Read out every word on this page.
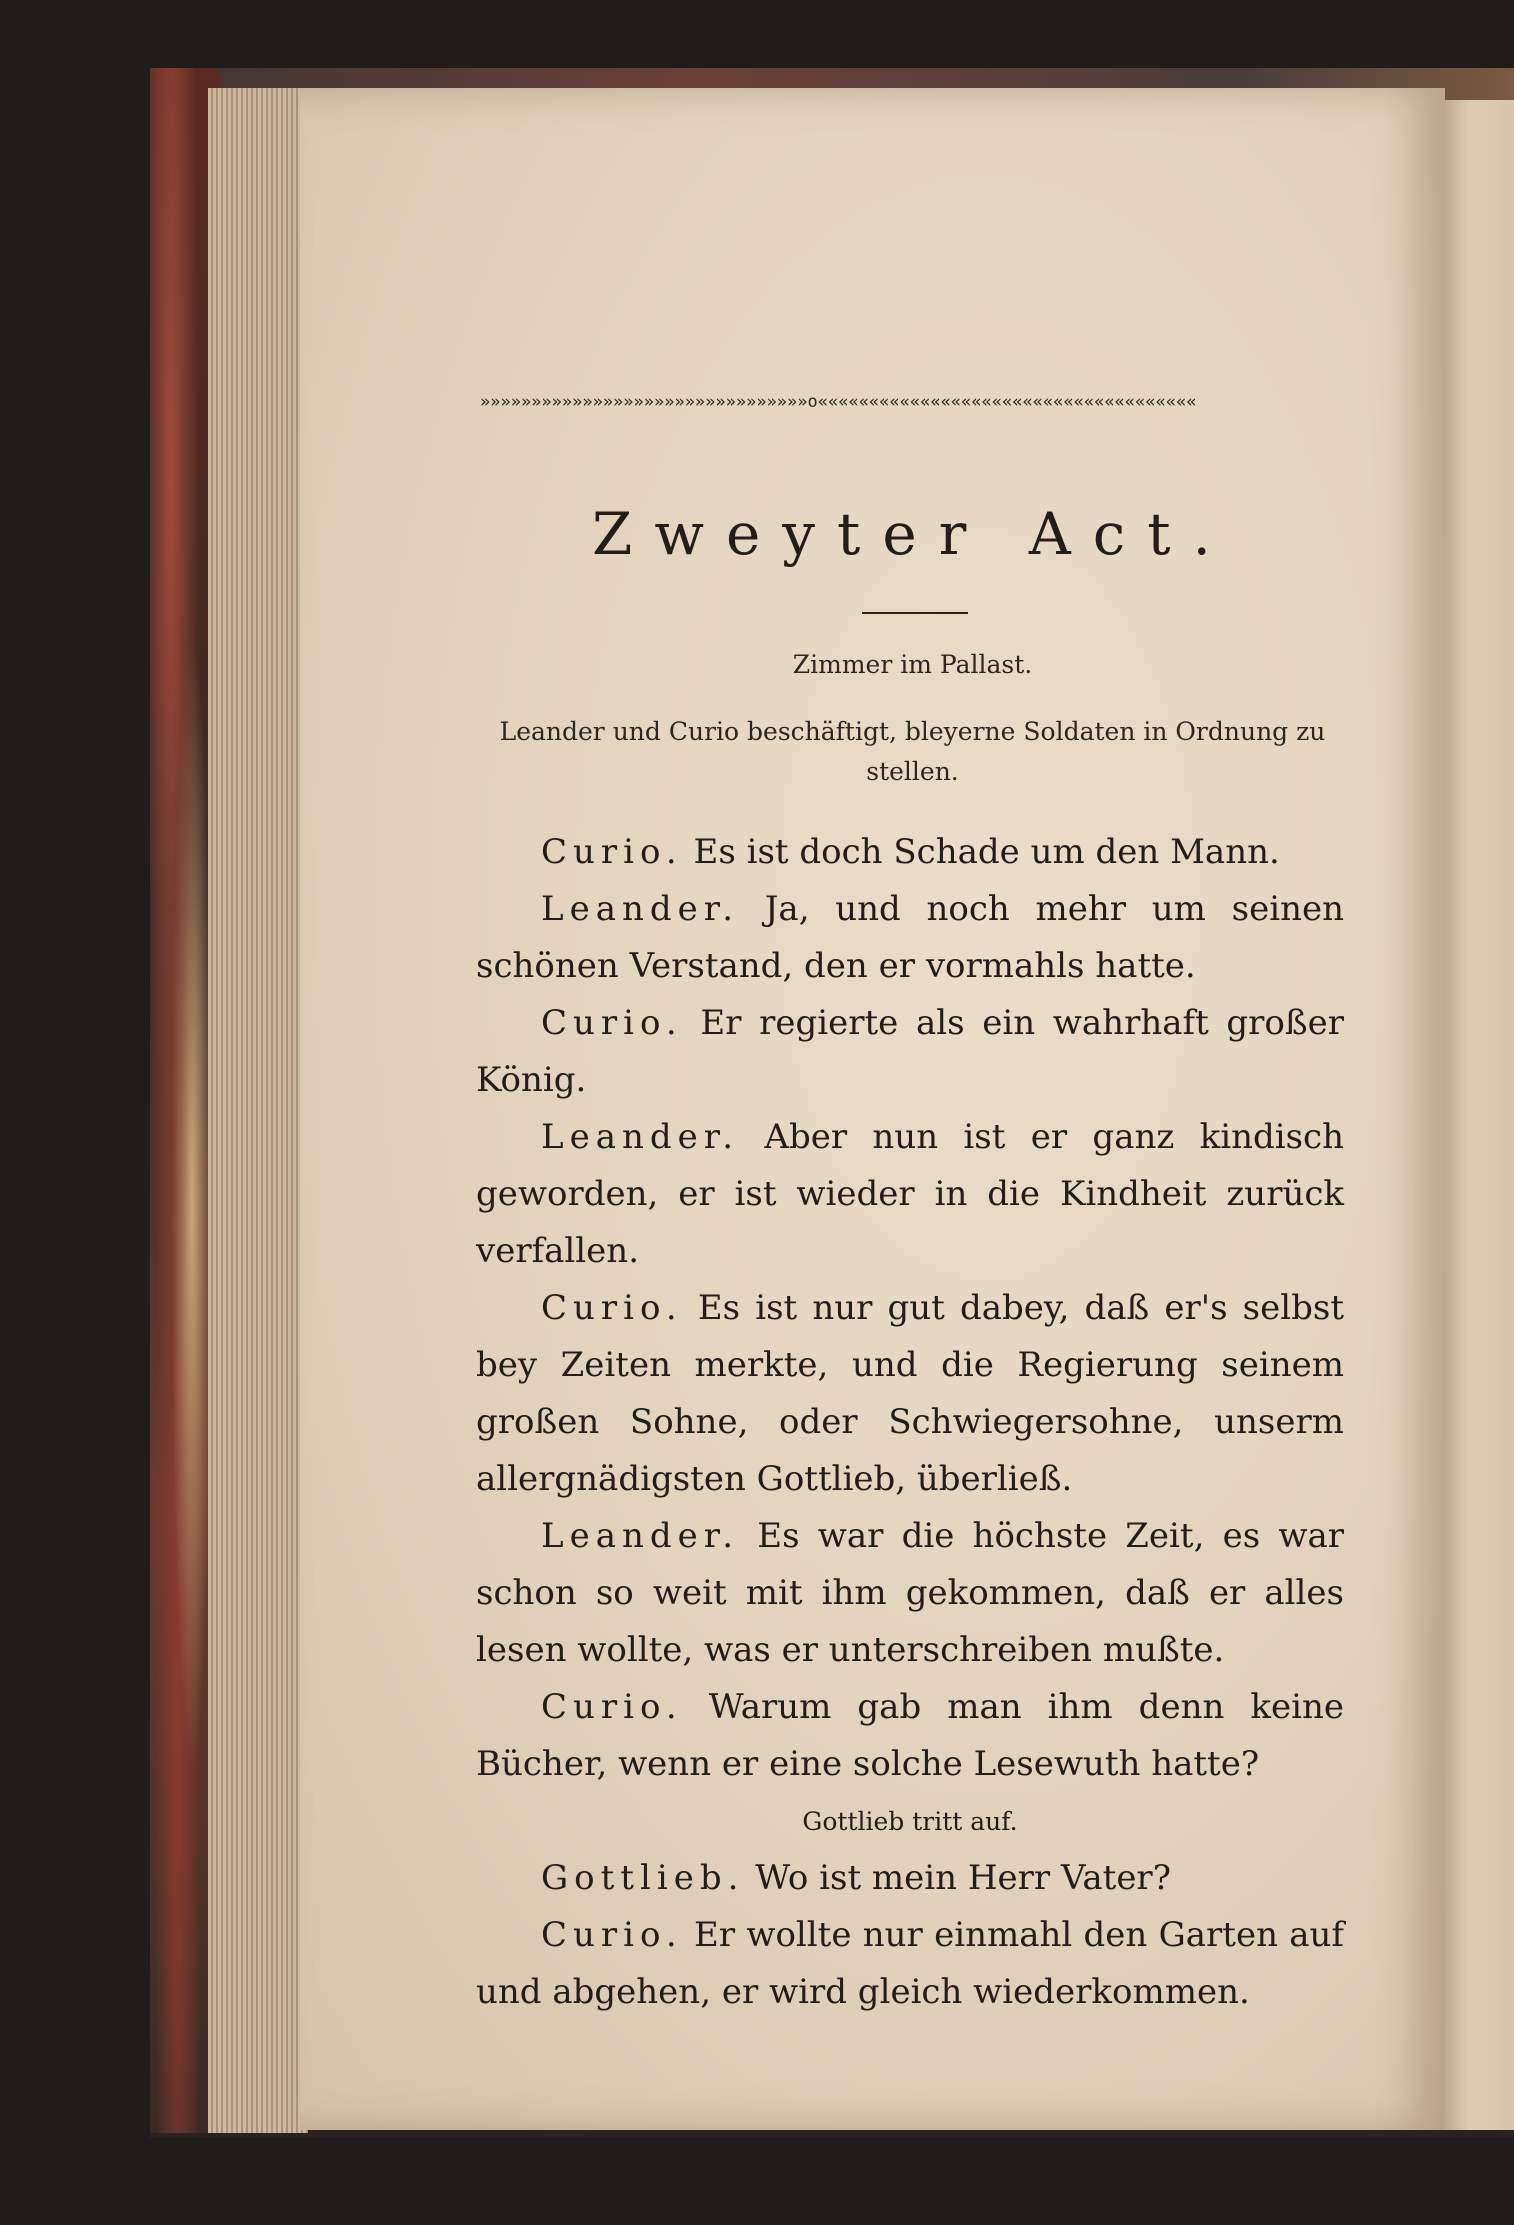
»»»»»»»»»»»»»»»»»»»»»»»»»»»»»»»»o«««««««««««««««««««««««««««««««««««««
Zweyter Act.
Zimmer im Pallast.
Leander und Curio beschäftigt, bleyerne Soldaten in Ordnung zu stellen.

Curio. Es ist doch Schade um den Mann.

Leander. Ja, und noch mehr um seinen schönen Verstand, den er vormahls hatte.

Curio. Er regierte als ein wahrhaft großer König.

Leander. Aber nun ist er ganz kindisch geworden, er ist wieder in die Kindheit zurück verfallen.

Curio. Es ist nur gut dabey, daß er's selbst bey Zeiten merkte, und die Regierung seinem großen Sohne, oder Schwiegersohne, unserm allergnädigsten Gottlieb, überließ.

Leander. Es war die höchste Zeit, es war schon so weit mit ihm gekommen, daß er alles lesen wollte, was er unterschreiben mußte.

Curio. Warum gab man ihm denn keine Bücher, wenn er eine solche Lesewuth hatte?

Gottlieb tritt auf.

Gottlieb. Wo ist mein Herr Vater?

Curio. Er wollte nur einmahl den Garten auf und abgehen, er wird gleich wiederkommen.
